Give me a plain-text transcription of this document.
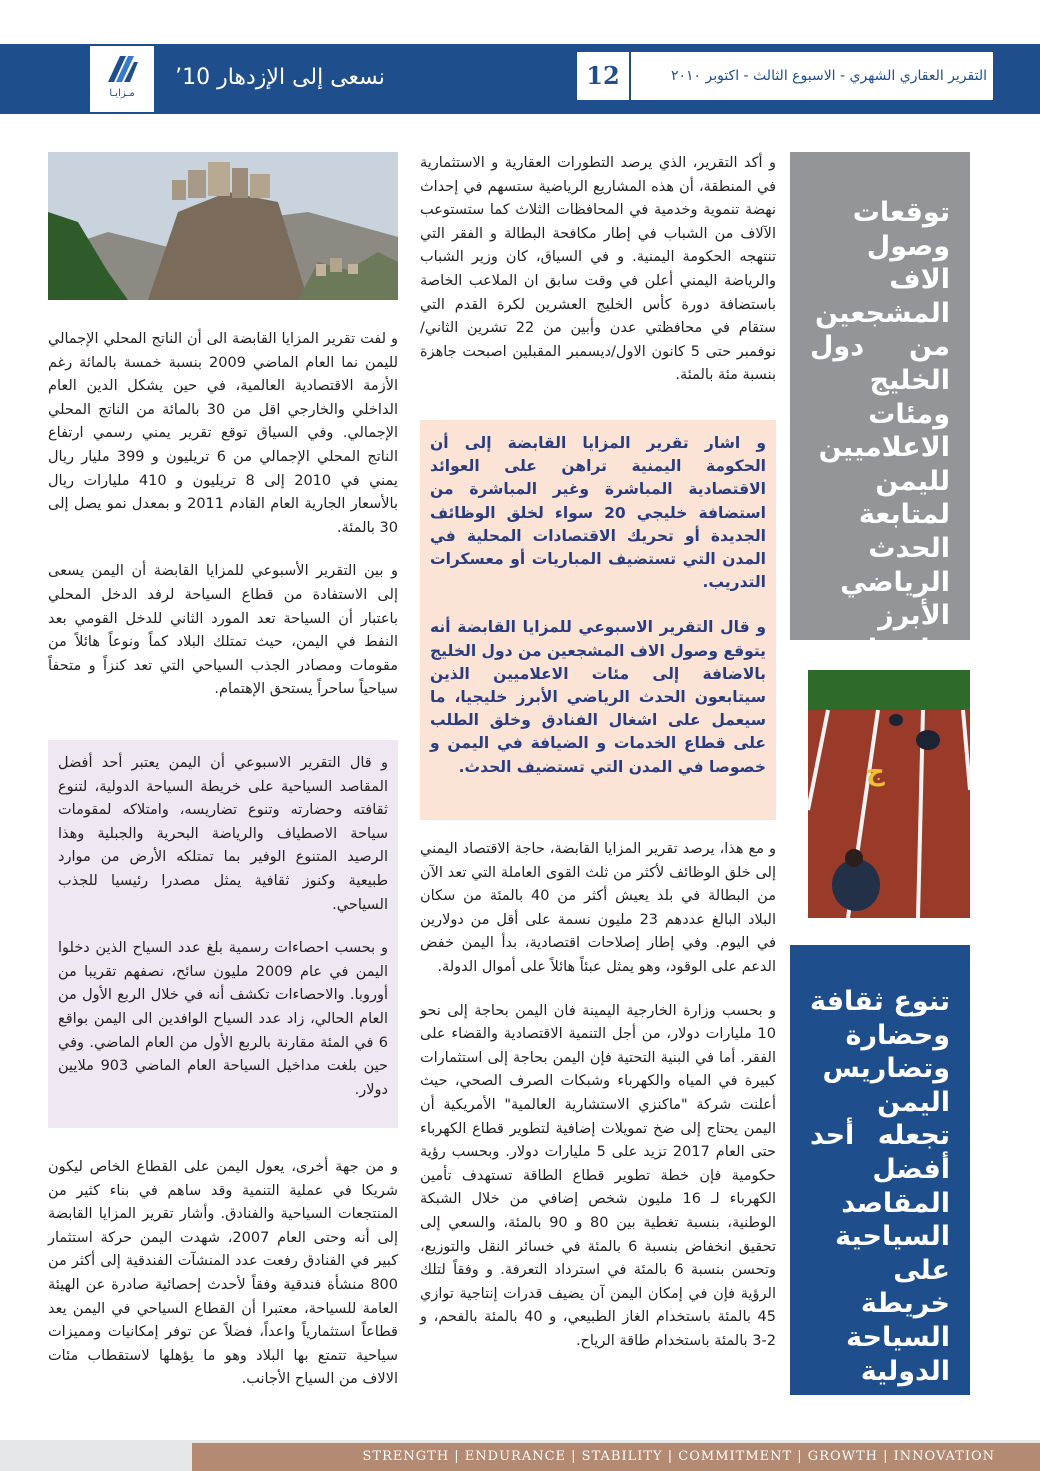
مـزايـا
نسعى إلى الإزدهار 10’	12	التقرير العقاري الشهري - الاسبوع الثالث - اكتوبر ٢٠١٠
توقعات وصول الاف المشجعين من دول الخليج ومئات الاعلاميين لليمن لمتابعة الحدث الرياضي الأبرز خليجيا
ج
تنوع ثقافة وحضارة وتضاريس اليمن تجعله أحد أفضل المقاصد السياحية على خريطة السياحة الدولية

و أكد التقرير، الذي يرصد التطورات العقارية و الاستثمارية في المنطقة، أن هذه المشاريع الرياضية ستسهم في إحداث نهضة تنموية وخدمية في المحافظات الثلاث كما ستستوعب الآلاف من الشباب في إطار مكافحة البطالة و الفقر التي تنتهجه الحكومة اليمنية. و في السياق، كان وزير الشباب والرياضة اليمني أعلن في وقت سابق ان الملاعب الخاصة باستضافة دورة كأس الخليج العشرين لكرة القدم التي ستقام في محافظتي عدن وأبين من 22 تشرين الثاني/نوفمبر حتى 5 كانون الاول/ديسمبر المقبلين اصبحت جاهزة بنسبة مئة بالمئة.

و اشار تقرير المزايا القابضة إلى أن الحكومة اليمنية تراهن على العوائد الاقتصادية المباشرة وغير المباشرة من استضافة خليجي 20 سواء لخلق الوظائف الجديدة أو تحريك الاقتصادات المحلية في المدن التي تستضيف المباريات أو معسكرات التدريب.

و قال التقرير الاسبوعي للمزايا القابضة أنه يتوقع وصول الاف المشجعين من دول الخليج بالاضافة إلى مئات الاعلاميين الذين سيتابعون الحدث الرياضي الأبرز خليجيا، ما سيعمل على اشغال الفنادق وخلق الطلب على قطاع الخدمات و الضيافة في اليمن و خصوصا في المدن التي تستضيف الحدث.

و مع هذا، يرصد تقرير المزايا القابضة، حاجة الاقتصاد اليمني إلى خلق الوظائف لأكثر من ثلث القوى العاملة التي تعد الآن من البطالة في بلد يعيش أكثر من 40 بالمئة من سكان البلاد البالغ عددهم 23 مليون نسمة على أقل من دولارين في اليوم. وفي إطار إصلاحات اقتصادية، بدأ اليمن خفض الدعم على الوقود، وهو يمثل عبئاً هائلاً على أموال الدولة.

و بحسب وزارة الخارجية اليمينة فان اليمن بحاجة إلى نحو 10 مليارات دولار، من أجل التنمية الاقتصادية والقضاء على الفقر. أما في البنية التحتية فإن اليمن بحاجة إلى استثمارات كبيرة في المياه والكهرباء وشبكات الصرف الصحي، حيث أعلنت شركة "ماكنزي الاستشارية العالمية" الأمريكية أن اليمن يحتاج إلى ضخ تمويلات إضافية لتطوير قطاع الكهرباء حتى العام 2017 تزيد على 5 مليارات دولار. وبحسب رؤية حكومية فإن خطة تطوير قطاع الطاقة تستهدف تأمين الكهرباء لـ 16 مليون شخص إضافي من خلال الشبكة الوطنية، بنسبة تغطية بين 80 و 90 بالمئة، والسعي إلى تحقيق انخفاض بنسبة 6 بالمئة في خسائر النقل والتوزيع، وتحسن بنسبة 6 بالمئة في استرداد التعرفة. و وفقاً لتلك الرؤية فإن في إمكان اليمن آن يضيف قدرات إنتاجية توازي 45 بالمئة باستخدام الغاز الطبيعي، و 40 بالمئة بالفحم، و 2-3 بالمئة باستخدام طاقة الرياح.

و لفت تقرير المزايا القابضة الى أن الناتج المحلي الإجمالي لليمن نما العام الماضي 2009 بنسبة خمسة بالمائة رغم الأزمة الاقتصادية العالمية، في حين يشكل الدين العام الداخلي والخارجي اقل من 30 بالمائة من الناتج المحلي الإجمالي. وفي السياق توقع تقرير يمني رسمي ارتفاع الناتج المحلي الإجمالي من 6 تريليون و 399 مليار ريال يمني في 2010 إلى 8 تريليون و 410 مليارات ريال بالأسعار الجارية العام القادم 2011 و بمعدل نمو يصل إلى 30 بالمئة.

و بين التقرير الأسبوعي للمزايا القابضة أن اليمن يسعى إلى الاستفادة من قطاع السياحة لرفد الدخل المحلي باعتبار أن السياحة تعد المورد الثاني للدخل القومي بعد النفط في اليمن، حيث تمتلك البلاد كماً ونوعاً هائلاً من مقومات ومصادر الجذب السياحي التي تعد كنزاً و متحفاً سياحياً ساحراً يستحق الإهتمام.

و قال التقرير الاسبوعي أن اليمن يعتبر أحد أفضل المقاصد السياحية على خريطة السياحة الدولية، لتنوع ثقافته وحضارته وتنوع تضاريسه، وامتلاكه لمقومات سياحة الاصطياف والرياضة البحرية والجبلية وهذا الرصيد المتنوع الوفير بما تمتلكه الأرض من موارد طبيعية وكنوز ثقافية يمثل مصدرا رئيسيا للجذب السياحي.

و بحسب احصاءات رسمية بلغ عدد السياح الذين دخلوا اليمن في عام 2009 مليون سائح، نصفهم تقريبا من أوروبا. والاحصاءات تكشف أنه في خلال الربع الأول من العام الحالي، زاد عدد السياح الوافدين الى اليمن بواقع 6 في المئة مقارنة بالربع الأول من العام الماضي. وفي حين بلغت مداخيل السياحة العام الماضي 903 ملايين دولار.

و من جهة أخرى، يعول اليمن على القطاع الخاص ليكون شريكا في عملية التنمية وقد ساهم في بناء كثير من المنتجعات السياحية والفنادق. وأشار تقرير المزايا القابضة إلى أنه وحتى العام 2007، شهدت اليمن حركة استثمار كبير في الفنادق رفعت عدد المنشآت الفندقية إلى أكثر من 800 منشأة فندقية وفقاً لأحدث إحصائية صادرة عن الهيئة العامة للسياحة، معتبرا أن القطاع السياحي في اليمن يعد قطاعاً استثمارياً واعداً، فضلاً عن توفر إمكانيات ومميزات سياحية تتمتع بها البلاد وهو ما يؤهلها لاستقطاب مئات الالاف من السياح الأجانب.

STRENGTH | ENDURANCE | STABILITY | COMMITMENT | GROWTH | INNOVATION
